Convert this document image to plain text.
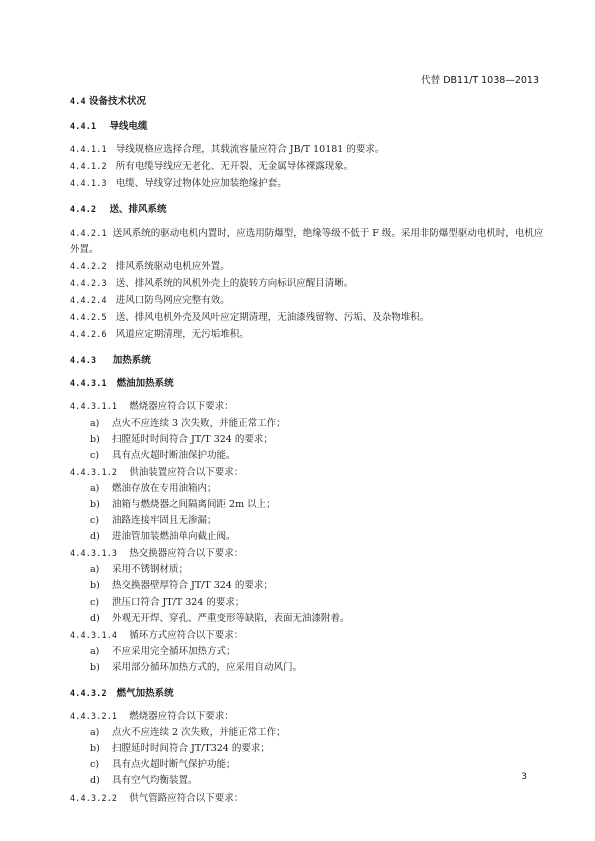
代替 DB11/T 1038—2013
4.4 设备技术状况
4.4.1 导线电缆
4.4.1.1 导线规格应选择合理，其载流容量应符合 JB/T 10181 的要求。
4.4.1.2 所有电缆导线应无老化、无开裂、无金属导体裸露现象。
4.4.1.3 电缆、导线穿过物体处应加装绝缘护套。
4.4.2 送、排风系统
4.4.2.1 送风系统的驱动电机内置时，应选用防爆型，绝缘等级不低于 F 级。采用非防爆型驱动电机时，电机应外置。
4.4.2.2 排风系统驱动电机应外置。
4.4.2.3 送、排风系统的风机外壳上的旋转方向标识应醒目清晰。
4.4.2.4 进风口防鸟网应完整有效。
4.4.2.5 送、排风电机外壳及风叶应定期清理，无油漆残留物、污垢、及杂物堆积。
4.4.2.6 风道应定期清理，无污垢堆积。
4.4.3 加热系统
4.4.3.1 燃油加热系统
4.4.3.1.1 燃烧器应符合以下要求：
a) 点火不应连续 3 次失败，并能正常工作；
b) 扫膛延时时间符合 JT/T 324 的要求；
c) 具有点火超时断油保护功能。
4.4.3.1.2 供油装置应符合以下要求：
a) 燃油存放在专用油箱内；
b) 油箱与燃烧器之间隔离间距 2m 以上；
c) 油路连接牢固且无渗漏；
d) 进油管加装燃油单向截止阀。
4.4.3.1.3 热交换器应符合以下要求：
a) 采用不锈钢材质；
b) 热交换器壁厚符合 JT/T 324 的要求；
c) 泄压口符合 JT/T 324 的要求；
d) 外观无开焊、穿孔、严重变形等缺陷，表面无油漆附着。
4.4.3.1.4 循环方式应符合以下要求：
a) 不应采用完全循环加热方式；
b) 采用部分循环加热方式的，应采用自动风门。
4.4.3.2 燃气加热系统
4.4.3.2.1 燃烧器应符合以下要求：
a) 点火不应连续 2 次失败，并能正常工作；
b) 扫膛延时时间符合 JT/T324 的要求；
c) 具有点火超时断气保护功能；
d) 具有空气均衡装置。
4.4.3.2.2 供气管路应符合以下要求：
3
